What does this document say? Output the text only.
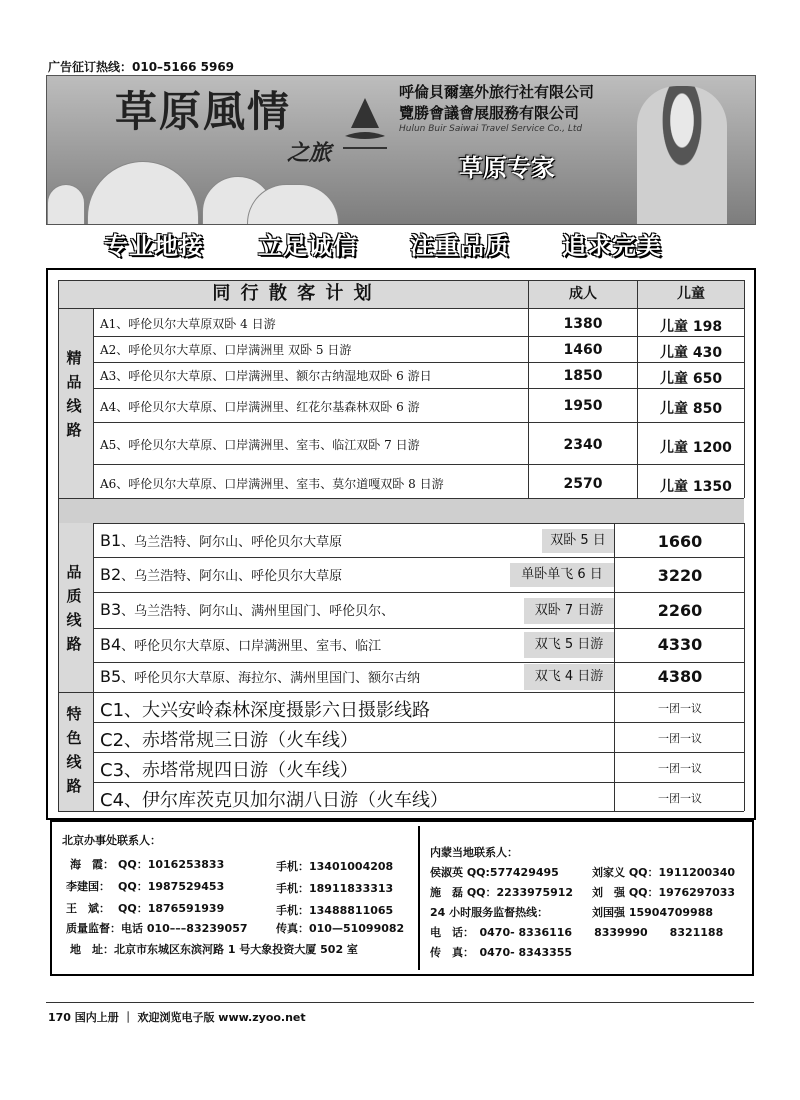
广告征订热线：010–5166 5969
草原風情
之旅
呼倫貝爾塞外旅行社有限公司
覽勝會議會展服務有限公司
Hulun Buir Saiwai Travel Service Co., Ltd
草原专家
专业地接 立足诚信 注重品质 追求完美
同 行 散 客 计 划	成人	儿童
精
品
线
路
A1、呼伦贝尔大草原双卧 4 日游	1380	儿童 198
A2、呼伦贝尔大草原、口岸满洲里 双卧 5 日游	1460	儿童 430
A3、呼伦贝尔大草原、口岸满洲里、额尔古纳湿地双卧 6 游日	1850	儿童 650
A4、呼伦贝尔大草原、口岸满洲里、红花尔基森林双卧 6 游	1950	儿童 850
A5、呼伦贝尔大草原、口岸满洲里、室韦、临江双卧 7 日游	2340	儿童 1200
A6、呼伦贝尔大草原、口岸满洲里、室韦、莫尔道嘎双卧 8 日游	2570	儿童 1350
品
质
线
路
特
色
线
路
B1、乌兰浩特、阿尔山、呼伦贝尔大草原	双卧 5 日	1660
B2、乌兰浩特、阿尔山、呼伦贝尔大草原	单卧单飞 6 日	3220
B3、乌兰浩特、阿尔山、满州里国门、呼伦贝尔、	双卧 7 日游	2260
B4、呼伦贝尔大草原、口岸满洲里、室韦、临江	双飞 5 日游	4330
B5、呼伦贝尔大草原、海拉尔、满州里国门、额尔古纳	双飞 4 日游	4380
C1、大兴安岭森林深度摄影六日摄影线路	一团一议
C2、赤塔常规三日游（火车线）	一团一议
C3、赤塔常规四日游（火车线）	一团一议
C4、伊尔库茨克贝加尔湖八日游（火车线）	一团一议
北京办事处联系人：
海　霞： QQ：1016253833	手机：13401004208
李建国： QQ：1987529453	手机：18911833313
王　斌： QQ：1876591939	手机：13488811065
质量监督：电话 010–––83239057	传真：010—51099082
地　址：北京市东城区东滨河路 1 号大象投资大厦 502 室
内蒙当地联系人：
侯淑英 QQ:577429495	刘家义 QQ：1911200340
施　磊 QQ：2233975912 刘　强 QQ：1976297033
24 小时服务监督热线：	刘国强 15904709988
电　话：　0470- 8336116　　8339990　　8321188
传　真：　0470- 8343355
170 国内上册 ｜ 欢迎浏览电子版 www.zyoo.net
